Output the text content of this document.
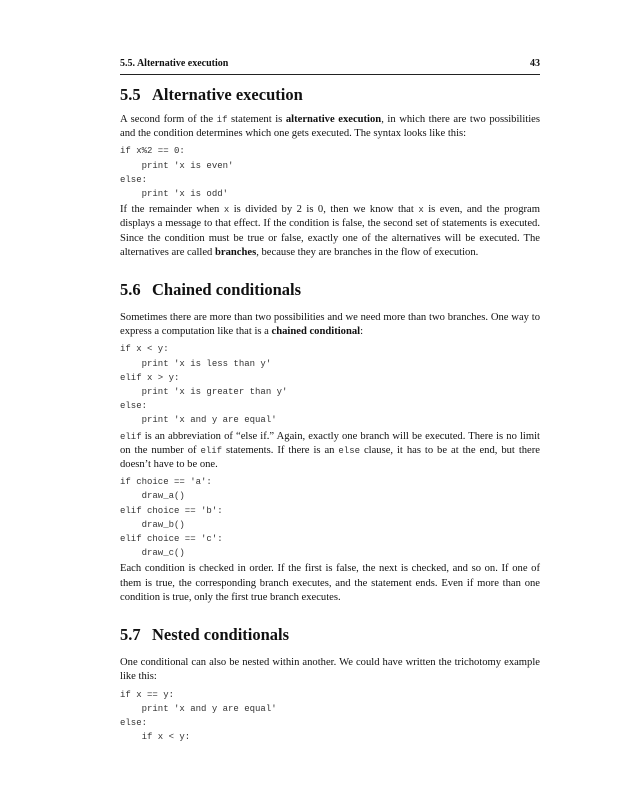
5.5. Alternative execution	43
5.5 Alternative execution

A second form of the if statement is alternative execution, in which there are two possibilities and the condition determines which one gets executed. The syntax looks like this:

if x%2 == 0:
print 'x is even'
else:
print 'x is odd'

If the remainder when x is divided by 2 is 0, then we know that x is even, and the program displays a message to that effect. If the condition is false, the second set of statements is executed. Since the condition must be true or false, exactly one of the alternatives will be executed. The alternatives are called branches, because they are branches in the flow of execution.

5.6 Chained conditionals

Sometimes there are more than two possibilities and we need more than two branches. One way to express a computation like that is a chained conditional:

if x < y:
print 'x is less than y'
elif x > y:
print 'x is greater than y'
else:
print 'x and y are equal'

elif is an abbreviation of “else if.” Again, exactly one branch will be executed. There is no limit on the number of elif statements. If there is an else clause, it has to be at the end, but there doesn’t have to be one.

if choice == 'a':
draw_a()
elif choice == 'b':
draw_b()
elif choice == 'c':
draw_c()

Each condition is checked in order. If the first is false, the next is checked, and so on. If one of them is true, the corresponding branch executes, and the statement ends. Even if more than one condition is true, only the first true branch executes.

5.7 Nested conditionals

One conditional can also be nested within another. We could have written the trichotomy example like this:

if x == y:
print 'x and y are equal'
else:
if x < y:
